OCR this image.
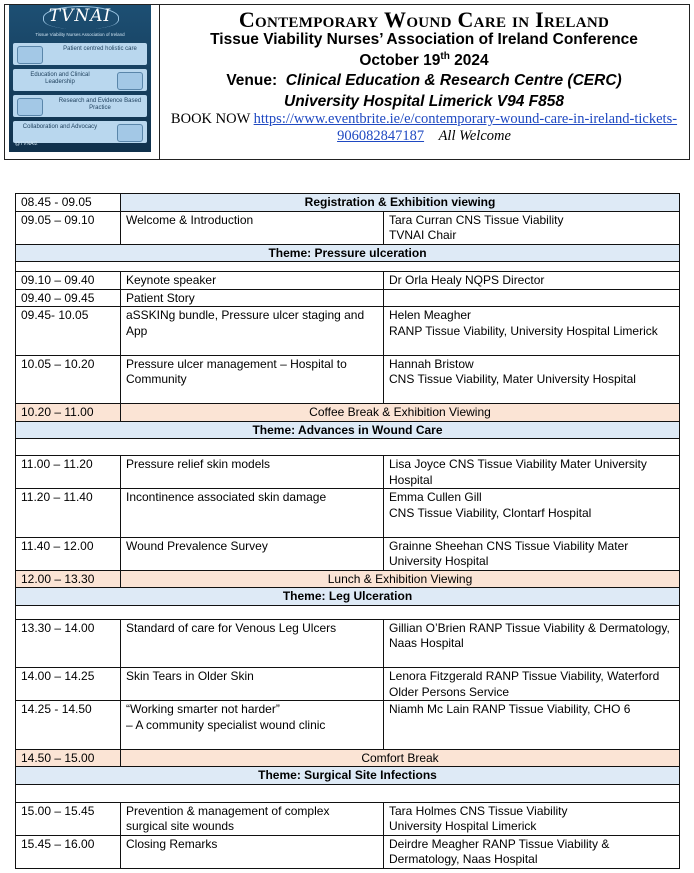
TVNAI
Tissue Viability Nurses Association of Ireland
Patient centred holistic care
Education and Clinical Leadership
Research and Evidence Based Practice
Collaboration and Advocacy
@TVNAI2
Contemporary Wound Care in Ireland
Tissue Viability Nurses’ Association of Ireland Conference
October 19th 2024
Venue: Clinical Education & Research Centre (CERC)
University Hospital Limerick V94 F858
BOOK NOW https://www.eventbrite.ie/e/contemporary-wound-care-in-ireland-tickets-906082847187 All Welcome
08.45 - 09.05	Registration & Exhibition viewing	
09.05 – 09.10	Welcome & Introduction	Tara Curran CNS Tissue Viability
TVNAI Chair

Theme: Pressure ulceration		

09.10 – 09.40	Keynote speaker	Dr Orla Healy NQPS Director
09.40 – 09.45	Patient Story	
09.45- 10.05	aSSKINg bundle, Pressure ulcer staging and
App	Helen Meagher
RANP Tissue Viability, University Hospital Limerick

10.05 – 10.20	Pressure ulcer management – Hospital to
Community	Hannah Bristow
CNS Tissue Viability, Mater University Hospital

10.20 – 11.00	Coffee Break & Exhibition Viewing	
Theme: Advances in Wound Care		

11.00 – 11.20	Pressure relief skin models	Lisa Joyce CNS Tissue Viability Mater University
Hospital

11.20 – 11.40	Incontinence associated skin damage	Emma Cullen Gill
CNS Tissue Viability, Clontarf Hospital

11.40 – 12.00	Wound Prevalence Survey	Grainne Sheehan CNS Tissue Viability Mater
University Hospital

12.00 – 13.30	Lunch & Exhibition Viewing	
Theme: Leg Ulceration		

13.30 – 14.00	Standard of care for Venous Leg Ulcers	Gillian O’Brien RANP Tissue Viability & Dermatology,
Naas Hospital

14.00 – 14.25	Skin Tears in Older Skin	Lenora Fitzgerald RANP Tissue Viability, Waterford
Older Persons Service

14.25 - 14.50	“Working smarter not harder”
– A community specialist wound clinic	Niamh Mc Lain RANP Tissue Viability, CHO 6
14.50 – 15.00	Comfort Break	
Theme: Surgical Site Infections		

15.00 – 15.45	Prevention & management of complex
surgical site wounds	Tara Holmes CNS Tissue Viability
University Hospital Limerick

15.45 – 16.00	Closing Remarks	Deirdre Meagher RANP Tissue Viability &
Dermatology, Naas Hospital
